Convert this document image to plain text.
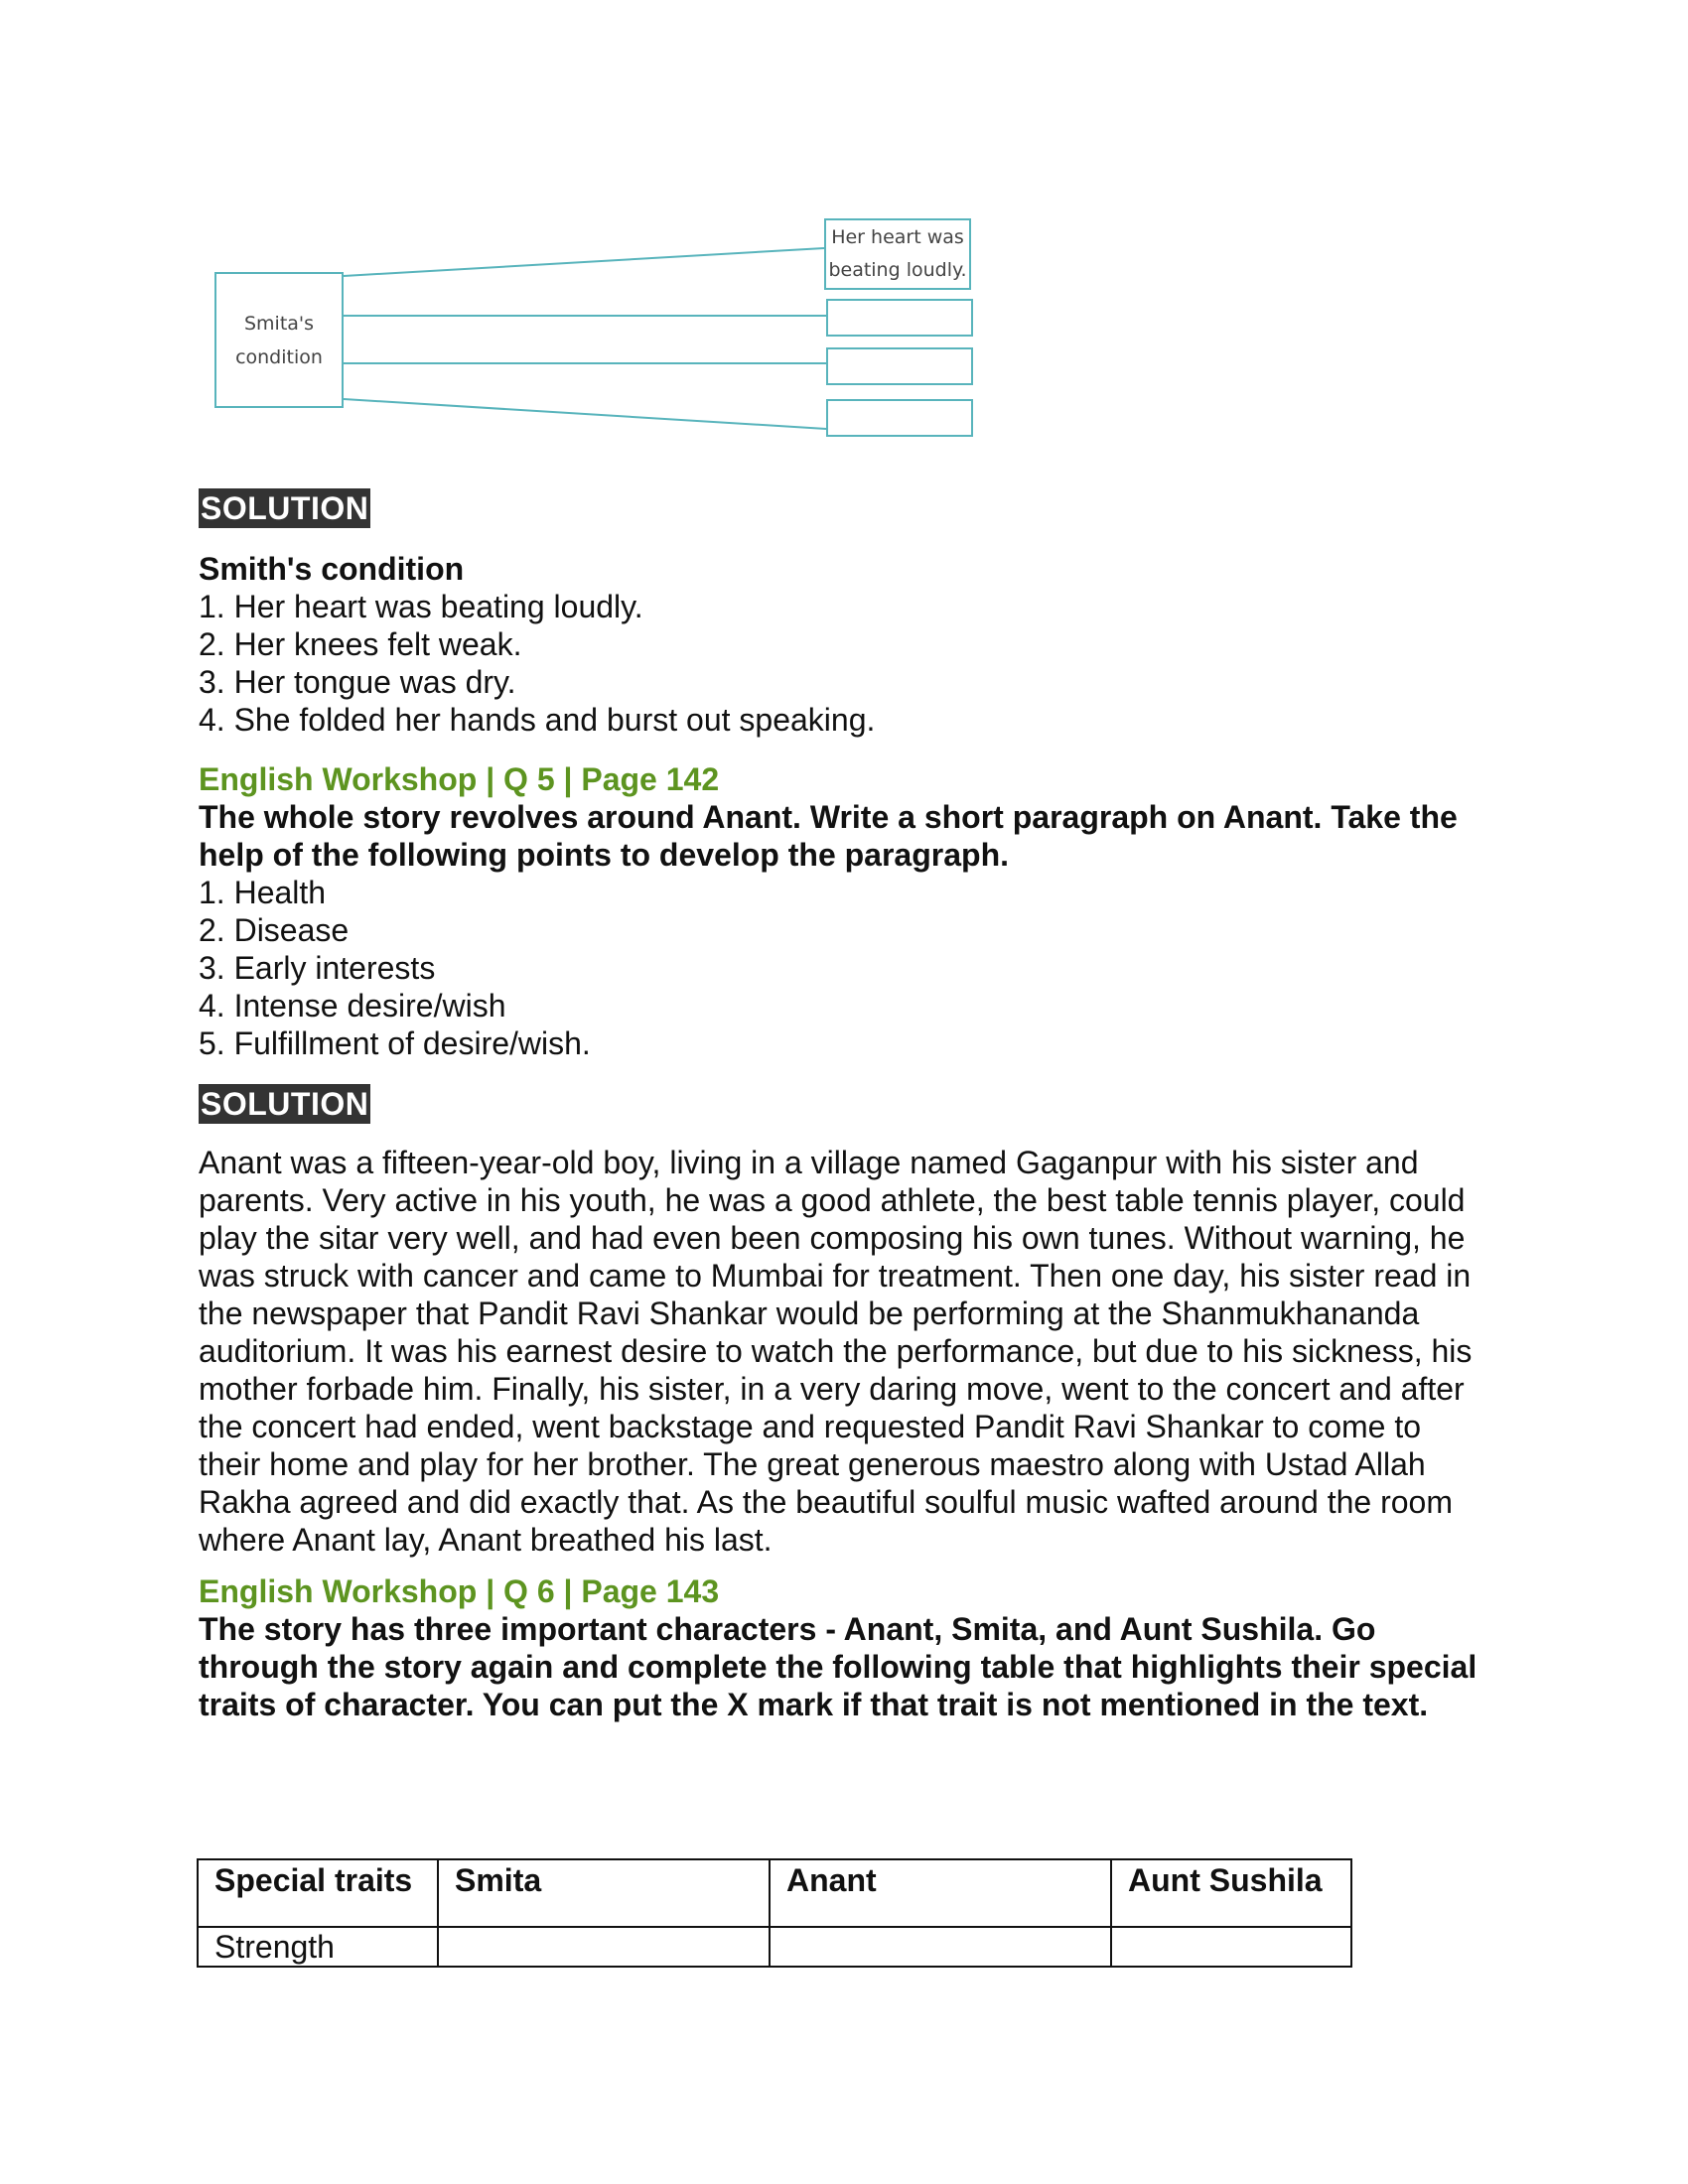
Smita's
condition
Her heart was
beating loudly.
SOLUTION
Smith's condition
1. Her heart was beating loudly.
2. Her knees felt weak.
3. Her tongue was dry.
4. She folded her hands and burst out speaking.
English Workshop | Q 5 | Page 142
The whole story revolves around Anant. Write a short paragraph on Anant. Take the help of the following points to develop the paragraph.
1. Health
2. Disease
3. Early interests
4. Intense desire/wish
5. Fulfillment of desire/wish.
SOLUTION

Anant was a fifteen-year-old boy, living in a village named Gaganpur with his sister and parents. Very active in his youth, he was a good athlete, the best table tennis player, could play the sitar very well, and had even been composing his own tunes. Without warning, he was struck with cancer and came to Mumbai for treatment. Then one day, his sister read in the newspaper that Pandit Ravi Shankar would be performing at the Shanmukhananda auditorium. It was his earnest desire to watch the performance, but due to his sickness, his mother forbade him. Finally, his sister, in a very daring move, went to the concert and after the concert had ended, went backstage and requested Pandit Ravi Shankar to come to their home and play for her brother. The great generous maestro along with Ustad Allah Rakha agreed and did exactly that. As the beautiful soulful music wafted around the room where Anant lay, Anant breathed his last.

English Workshop | Q 6 | Page 143
The story has three important characters - Anant, Smita, and Aunt Sushila. Go through the story again and complete the following table that highlights their special traits of character. You can put the X mark if that trait is not mentioned in the text.
Special traits	Smita	Anant	Aunt Sushila
Strength			
